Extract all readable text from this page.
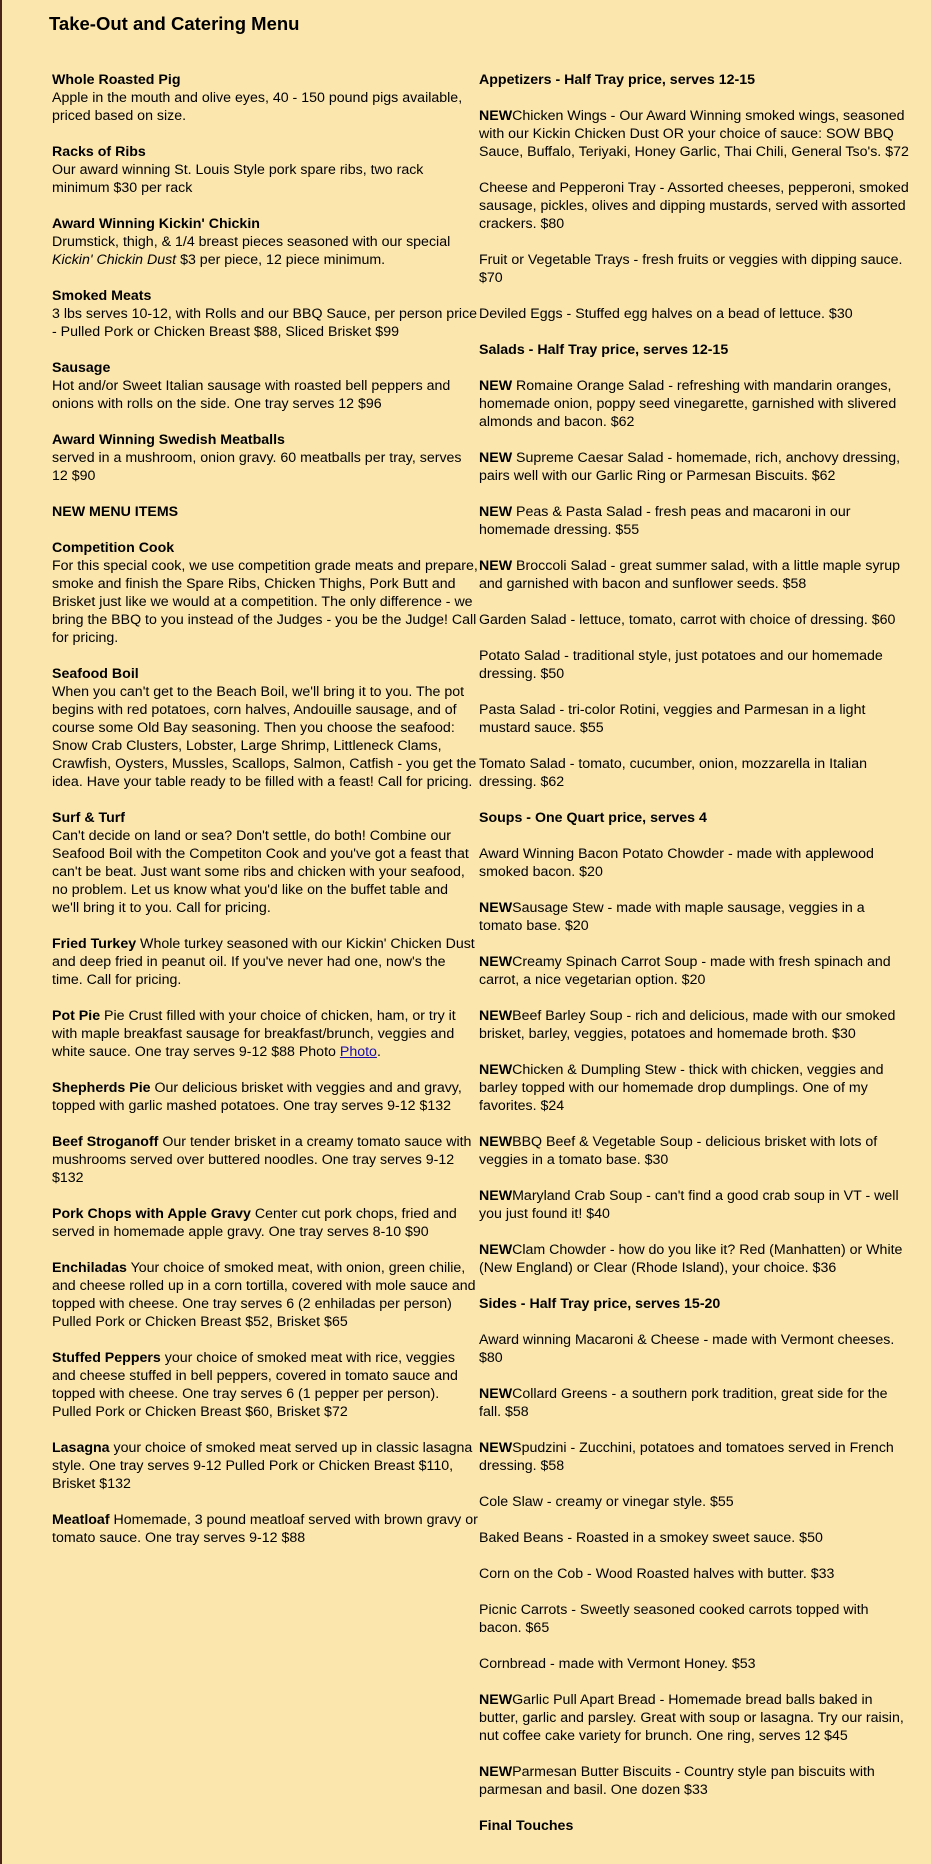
Take-Out and Catering Menu

Whole Roasted Pig
Apple in the mouth and olive eyes, 40 - 150 pound pigs available, priced based on size.

Racks of Ribs
Our award winning St. Louis Style pork spare ribs, two rack minimum $30 per rack

Award Winning Kickin' Chickin
Drumstick, thigh, & 1/4 breast pieces seasoned with our special Kickin' Chickin Dust $3 per piece, 12 piece minimum.

Smoked Meats
3 lbs serves 10-12, with Rolls and our BBQ Sauce, per person price - Pulled Pork or Chicken Breast $88, Sliced Brisket $99

Sausage
Hot and/or Sweet Italian sausage with roasted bell peppers and onions with rolls on the side. One tray serves 12 $96

Award Winning Swedish Meatballs
served in a mushroom, onion gravy. 60 meatballs per tray, serves 12 $90

NEW MENU ITEMS

Competition Cook
For this special cook, we use competition grade meats and prepare, smoke and finish the Spare Ribs, Chicken Thighs, Pork Butt and Brisket just like we would at a competition. The only difference - we bring the BBQ to you instead of the Judges - you be the Judge! Call for pricing.

Seafood Boil
When you can't get to the Beach Boil, we'll bring it to you. The pot begins with red potatoes, corn halves, Andouille sausage, and of course some Old Bay seasoning. Then you choose the seafood: Snow Crab Clusters, Lobster, Large Shrimp, Littleneck Clams, Crawfish, Oysters, Mussles, Scallops, Salmon, Catfish - you get the idea. Have your table ready to be filled with a feast! Call for pricing.

Surf & Turf
Can't decide on land or sea? Don't settle, do both! Combine our Seafood Boil with the Competiton Cook and you've got a feast that can't be beat. Just want some ribs and chicken with your seafood, no problem. Let us know what you'd like on the buffet table and we'll bring it to you. Call for pricing.

Fried Turkey Whole turkey seasoned with our Kickin' Chicken Dust and deep fried in peanut oil. If you've never had one, now's the time. Call for pricing.

Pot Pie Pie Crust filled with your choice of chicken, ham, or try it with maple breakfast sausage for breakfast/brunch, veggies and white sauce. One tray serves 9-12 $88 Photo Photo.

Shepherds Pie Our delicious brisket with veggies and and gravy, topped with garlic mashed potatoes. One tray serves 9-12 $132

Beef Stroganoff Our tender brisket in a creamy tomato sauce with mushrooms served over buttered noodles. One tray serves 9-12 $132

Pork Chops with Apple Gravy Center cut pork chops, fried and served in homemade apple gravy. One tray serves 8-10 $90

Enchiladas Your choice of smoked meat, with onion, green chilie, and cheese rolled up in a corn tortilla, covered with mole sauce and topped with cheese. One tray serves 6 (2 enhiladas per person) Pulled Pork or Chicken Breast $52, Brisket $65

Stuffed Peppers your choice of smoked meat with rice, veggies and cheese stuffed in bell peppers, covered in tomato sauce and topped with cheese. One tray serves 6 (1 pepper per person). Pulled Pork or Chicken Breast $60, Brisket $72

Lasagna your choice of smoked meat served up in classic lasagna style. One tray serves 9-12 Pulled Pork or Chicken Breast $110, Brisket $132

Meatloaf Homemade, 3 pound meatloaf served with brown gravy or tomato sauce. One tray serves 9-12 $88

Appetizers - Half Tray price, serves 12-15

NEWChicken Wings - Our Award Winning smoked wings, seasoned with our Kickin Chicken Dust OR your choice of sauce: SOW BBQ Sauce, Buffalo, Teriyaki, Honey Garlic, Thai Chili, General Tso's. $72

Cheese and Pepperoni Tray - Assorted cheeses, pepperoni, smoked sausage, pickles, olives and dipping mustards, served with assorted crackers. $80

Fruit or Vegetable Trays - fresh fruits or veggies with dipping sauce. $70

Deviled Eggs - Stuffed egg halves on a bead of lettuce. $30

Salads - Half Tray price, serves 12-15

NEW Romaine Orange Salad - refreshing with mandarin oranges, homemade onion, poppy seed vinegarette, garnished with slivered almonds and bacon. $62

NEW Supreme Caesar Salad - homemade, rich, anchovy dressing, pairs well with our Garlic Ring or Parmesan Biscuits. $62

NEW Peas & Pasta Salad - fresh peas and macaroni in our homemade dressing. $55

NEW Broccoli Salad - great summer salad, with a little maple syrup and garnished with bacon and sunflower seeds. $58

Garden Salad - lettuce, tomato, carrot with choice of dressing. $60

Potato Salad - traditional style, just potatoes and our homemade dressing. $50

Pasta Salad - tri-color Rotini, veggies and Parmesan in a light mustard sauce. $55

Tomato Salad - tomato, cucumber, onion, mozzarella in Italian dressing. $62

Soups - One Quart price, serves 4

Award Winning Bacon Potato Chowder - made with applewood smoked bacon. $20

NEWSausage Stew - made with maple sausage, veggies in a tomato base. $20

NEWCreamy Spinach Carrot Soup - made with fresh spinach and carrot, a nice vegetarian option. $20

NEWBeef Barley Soup - rich and delicious, made with our smoked brisket, barley, veggies, potatoes and homemade broth. $30

NEWChicken & Dumpling Stew - thick with chicken, veggies and barley topped with our homemade drop dumplings. One of my favorites. $24

NEWBBQ Beef & Vegetable Soup - delicious brisket with lots of veggies in a tomato base. $30

NEWMaryland Crab Soup - can't find a good crab soup in VT - well you just found it! $40

NEWClam Chowder - how do you like it? Red (Manhatten) or White (New England) or Clear (Rhode Island), your choice. $36

Sides - Half Tray price, serves 15-20

Award winning Macaroni & Cheese - made with Vermont cheeses. $80

NEWCollard Greens - a southern pork tradition, great side for the fall. $58

NEWSpudzini - Zucchini, potatoes and tomatoes served in French dressing. $58

Cole Slaw - creamy or vinegar style. $55

Baked Beans - Roasted in a smokey sweet sauce. $50

Corn on the Cob - Wood Roasted halves with butter. $33

Picnic Carrots - Sweetly seasoned cooked carrots topped with bacon. $65

Cornbread - made with Vermont Honey. $53

NEWGarlic Pull Apart Bread - Homemade bread balls baked in butter, garlic and parsley. Great with soup or lasagna. Try our raisin, nut coffee cake variety for brunch. One ring, serves 12 $45

NEWParmesan Butter Biscuits - Country style pan biscuits with parmesan and basil. One dozen $33

Final Touches
